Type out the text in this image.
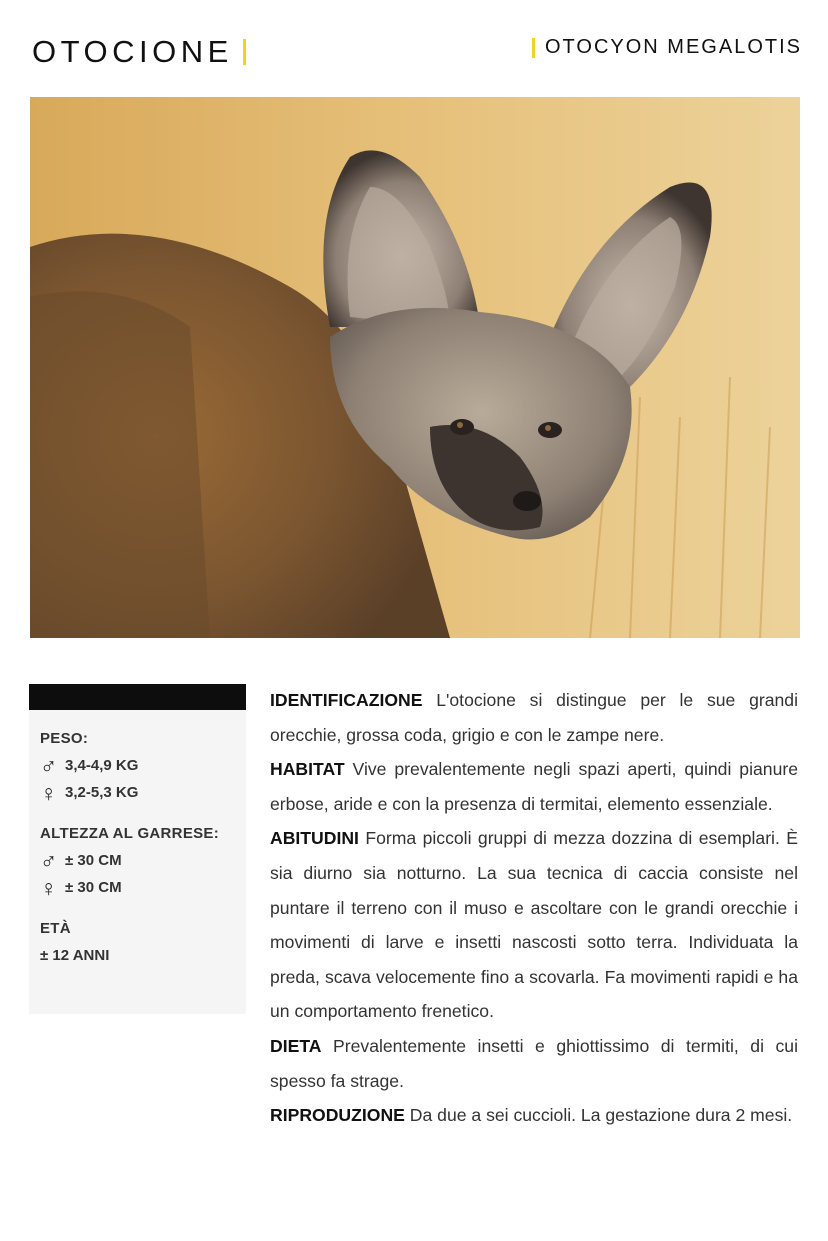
OTOCIONE	OTOCYON MEGALOTIS
PESO:
♂ 3,4-4,9 KG
♀ 3,2-5,3 KG
ALTEZZA AL GARRESE:
♂ ± 30 CM
♀ ± 30 CM
ETÀ
± 12 ANNI

IDENTIFICAZIONE L'otocione si distingue per le sue grandi orecchie, grossa coda, grigio e con le zampe nere.

HABITAT Vive prevalentemente negli spazi aperti, quindi pianure erbose, aride e con la presenza di termitai, elemento essenziale.

ABITUDINI Forma piccoli gruppi di mezza dozzina di esemplari. È sia diurno sia notturno. La sua tecnica di caccia consiste nel puntare il terreno con il muso e ascoltare con le grandi orecchie i movimenti di larve e insetti nascosti sotto terra. Individuata la preda, scava velocemente fino a scovarla. Fa movimenti rapidi e ha un comportamento frenetico.

DIETA Prevalentemente insetti e ghiottissimo di termiti, di cui spesso fa strage.

RIPRODUZIONE Da due a sei cuccioli. La gestazione dura 2 mesi.
